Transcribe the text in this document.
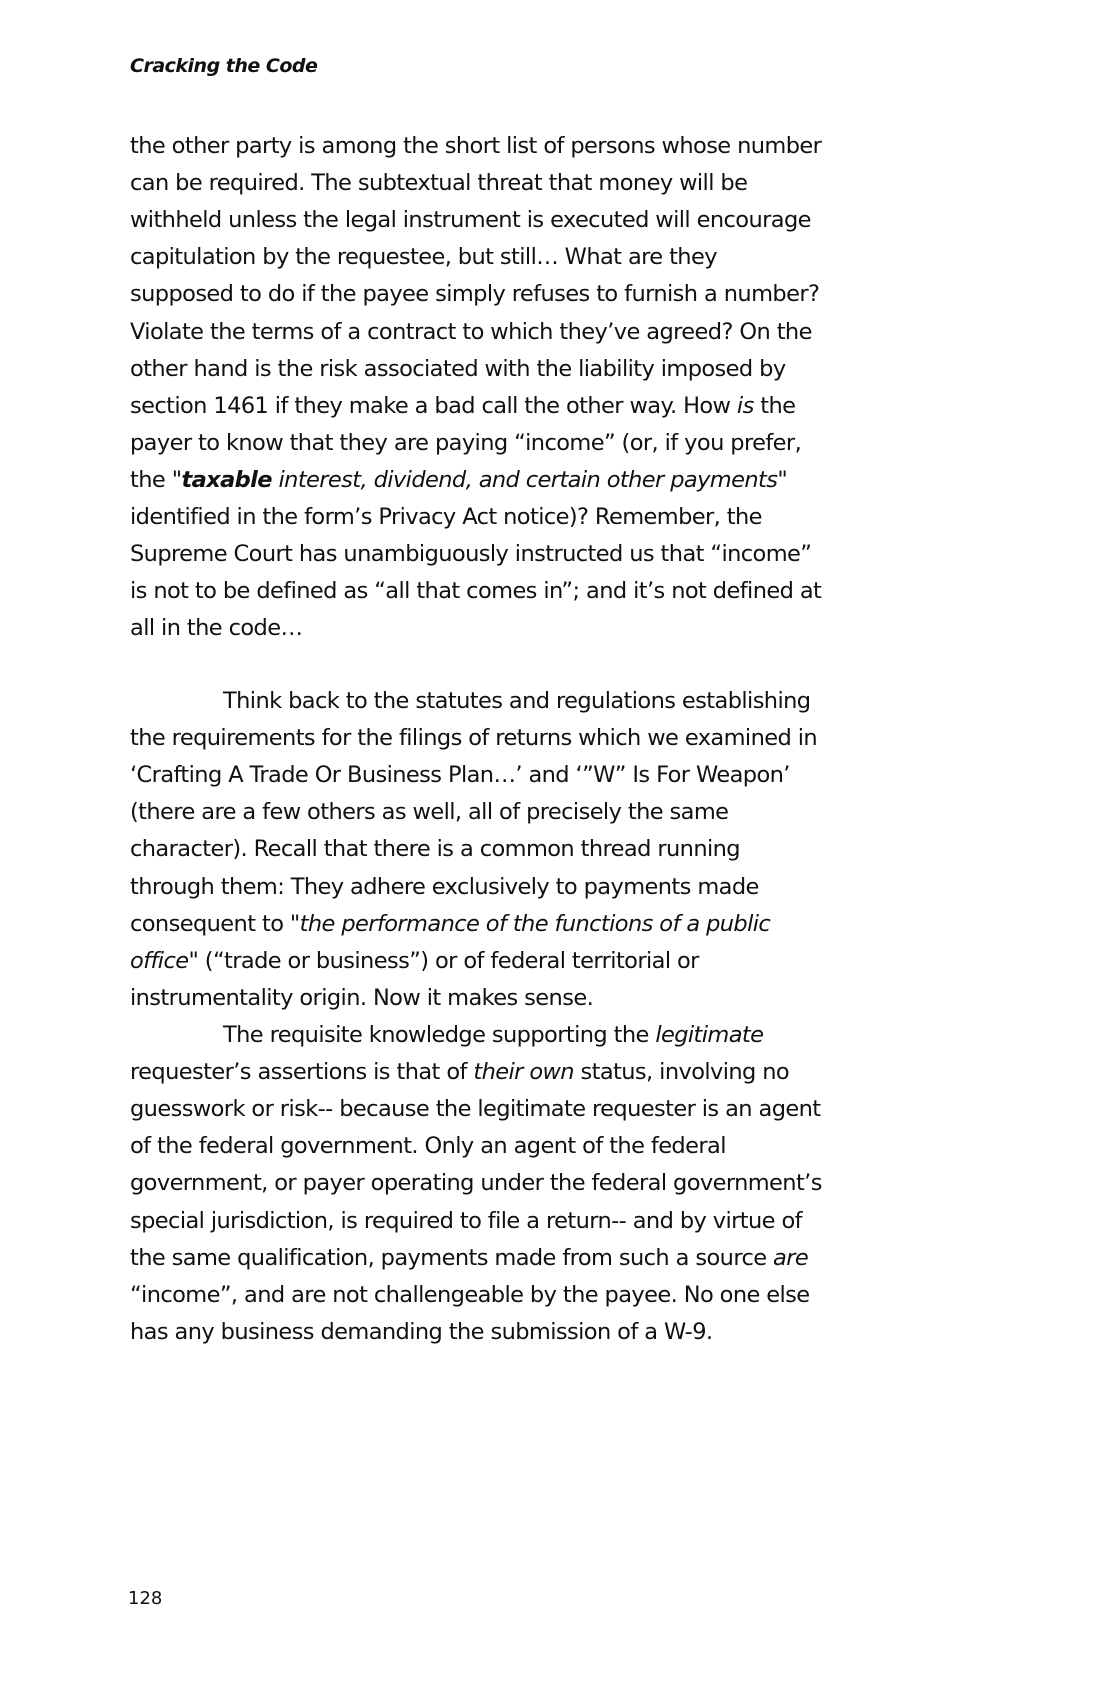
Cracking the Code
the other party is among the short list of persons whose number
can be required. The subtextual threat that money will be
withheld unless the legal instrument is executed will encourage
capitulation by the requestee, but still… What are they
supposed to do if the payee simply refuses to furnish a number?
Violate the terms of a contract to which they’ve agreed? On the
other hand is the risk associated with the liability imposed by
section 1461 if they make a bad call the other way. How is the
payer to know that they are paying “income” (or, if you prefer,
the "taxable interest, dividend, and certain other payments"
identified in the form’s Privacy Act notice)? Remember, the
Supreme Court has unambiguously instructed us that “income”
is not to be defined as “all that comes in”; and it’s not defined at
all in the code…
Think back to the statutes and regulations establishing
the requirements for the filings of returns which we examined in
‘Crafting A Trade Or Business Plan…’ and ‘”W” Is For Weapon’
(there are a few others as well, all of precisely the same
character). Recall that there is a common thread running
through them: They adhere exclusively to payments made
consequent to "the performance of the functions of a public
office" (“trade or business”) or of federal territorial or
instrumentality origin. Now it makes sense.
The requisite knowledge supporting the legitimate
requester’s assertions is that of their own status, involving no
guesswork or risk-- because the legitimate requester is an agent
of the federal government. Only an agent of the federal
government, or payer operating under the federal government’s
special jurisdiction, is required to file a return-- and by virtue of
the same qualification, payments made from such a source are
“income”, and are not challengeable by the payee. No one else
has any business demanding the submission of a W-9.
128
